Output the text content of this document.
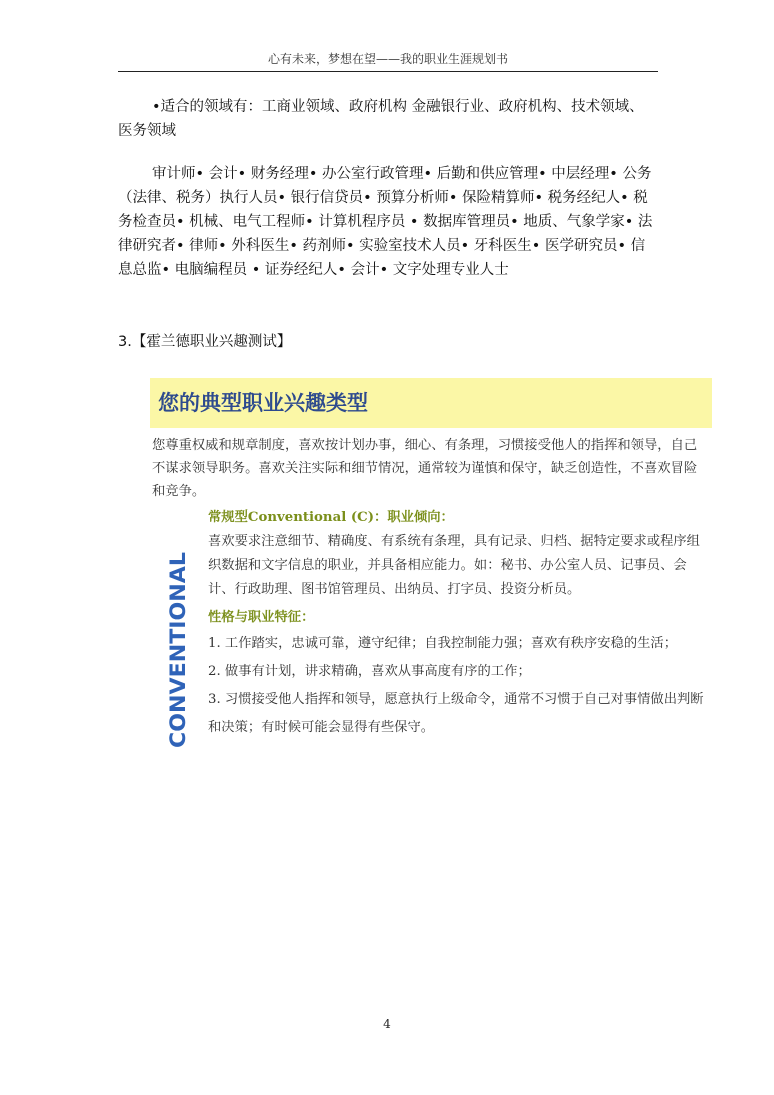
心有未来，梦想在望——我的职业生涯规划书
•适合的领域有：工商业领域、政府机构 金融银行业、政府机构、技术领域、医务领域
审计师• 会计• 财务经理• 办公室行政管理• 后勤和供应管理• 中层经理• 公务（法律、税务）执行人员• 银行信贷员• 预算分析师• 保险精算师• 税务经纪人• 税务检查员• 机械、电气工程师• 计算机程序员 • 数据库管理员• 地质、气象学家• 法律研究者• 律师• 外科医生• 药剂师• 实验室技术人员• 牙科医生• 医学研究员• 信息总监• 电脑编程员 • 证券经纪人• 会计• 文字处理专业人士
3.【霍兰德职业兴趣测试】
您的典型职业兴趣类型
您尊重权威和规章制度，喜欢按计划办事，细心、有条理，习惯接受他人的指挥和领导，自己不谋求领导职务。喜欢关注实际和细节情况，通常较为谨慎和保守，缺乏创造性，不喜欢冒险和竞争。
CONVENTIONAL
常规型Conventional (C)：职业倾向：
喜欢要求注意细节、精确度、有系统有条理，具有记录、归档、据特定要求或程序组织数据和文字信息的职业，并具备相应能力。如：秘书、办公室人员、记事员、会计、行政助理、图书馆管理员、出纳员、打字员、投资分析员。
性格与职业特征：
1. 工作踏实，忠诚可靠，遵守纪律；自我控制能力强；喜欢有秩序安稳的生活；
2. 做事有计划，讲求精确，喜欢从事高度有序的工作；
3. 习惯接受他人指挥和领导，愿意执行上级命令，通常不习惯于自己对事情做出判断和决策；有时候可能会显得有些保守。
4
